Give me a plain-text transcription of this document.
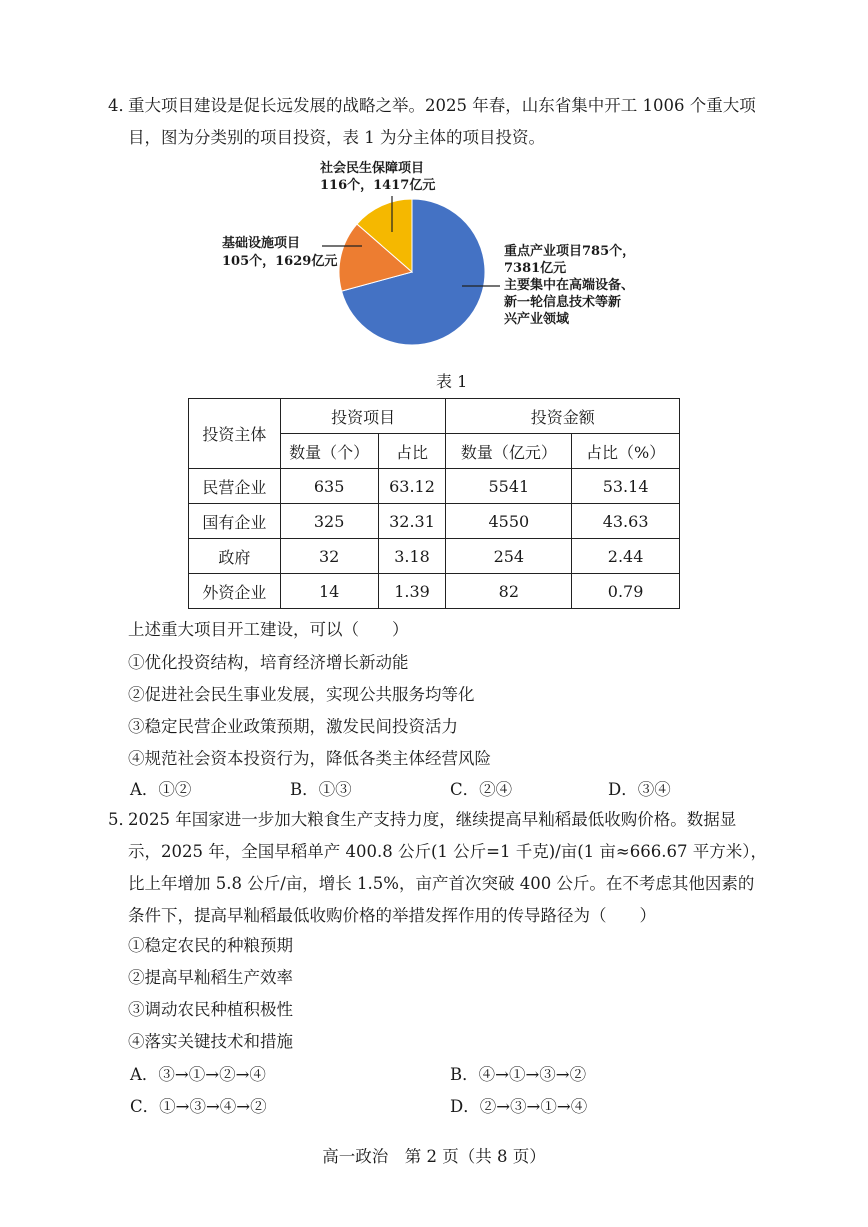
4．
重大项目建设是促长远发展的战略之举。2025 年春，山东省集中开工 1006 个重大项
目，图为分类别的项目投资，表 1 为分主体的项目投资。
社会民生保障项目
116个，1417亿元
基础设施项目
105个，1629亿元
重点产业项目785个，
7381亿元
主要集中在高端设备、
新一轮信息技术等新
兴产业领域
表 1
投资主体	投资项目		投资金额	
	数量（个）	占比	数量（亿元）	占比（%）
民营企业	635	63.12	5541	53.14
国有企业	325	32.31	4550	43.63
政府	32	3.18	254	2.44
外资企业	14	1.39	82	0.79
上述重大项目开工建设，可以（　　）
①优化投资结构，培育经济增长新动能
②促进社会民生事业发展，实现公共服务均等化
③稳定民营企业政策预期，激发民间投资活力
④规范社会资本投资行为，降低各类主体经营风险
A．①②	B．①③	C．②④	D．③④
5．
2025 年国家进一步加大粮食生产支持力度，继续提高早籼稻最低收购价格。数据显
示，2025 年，全国早稻单产 400.8 公斤(1 公斤=1 千克)/亩(1 亩≈666.67 平方米），
比上年增加 5.8 公斤/亩，增长 1.5%，亩产首次突破 400 公斤。在不考虑其他因素的
条件下，提高早籼稻最低收购价格的举措发挥作用的传导路径为（　　）
①稳定农民的种粮预期
②提高早籼稻生产效率
③调动农民种植积极性
④落实关键技术和措施
A．③→①→②→④	B．④→①→③→②
C．①→③→④→②	D．②→③→①→④
高一政治　第 2 页（共 8 页）
